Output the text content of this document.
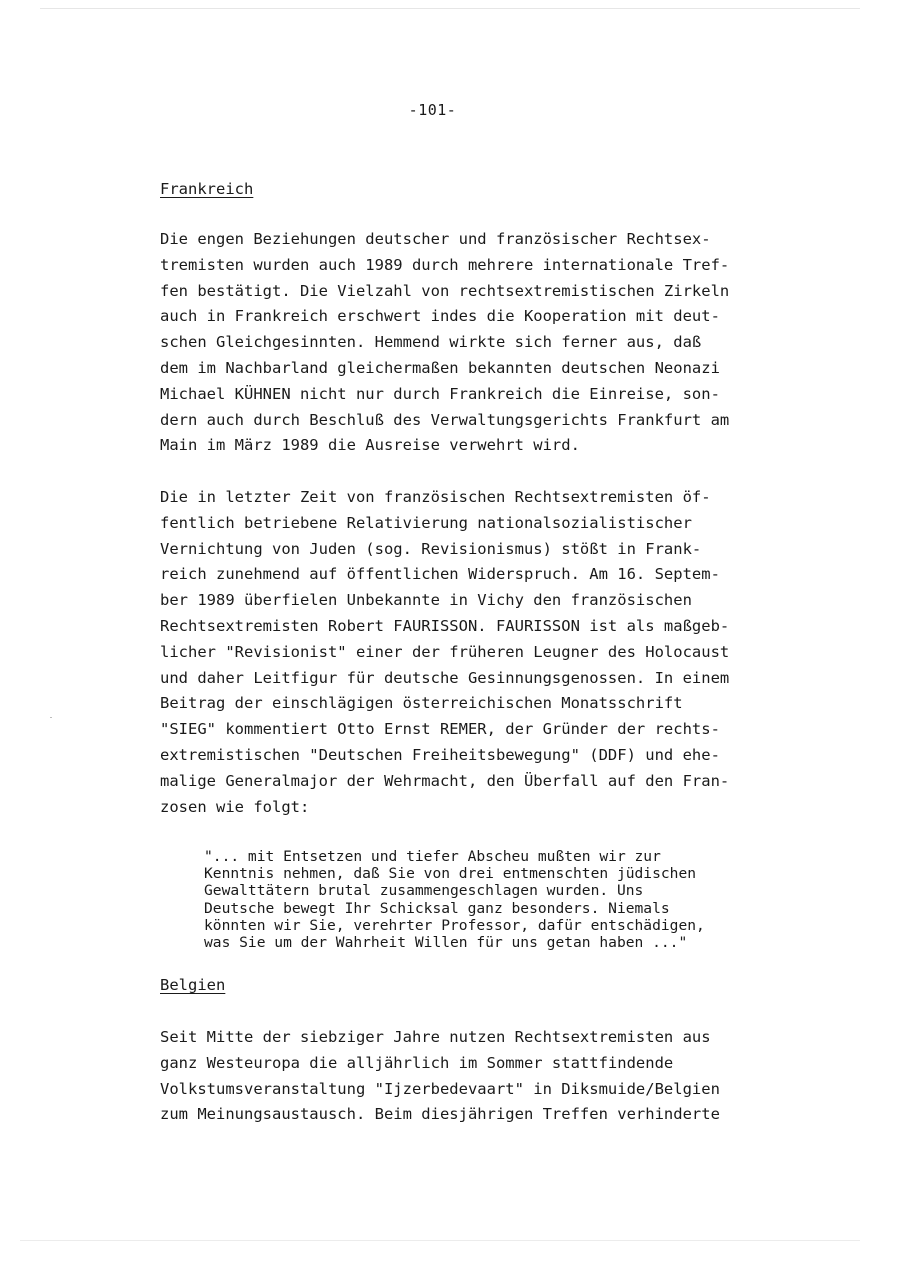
-101-
Frankreich
Die engen Beziehungen deutscher und französischer Rechtsex-
tremisten wurden auch 1989 durch mehrere internationale Tref-
fen bestätigt. Die Vielzahl von rechtsextremistischen Zirkeln
auch in Frankreich erschwert indes die Kooperation mit deut-
schen Gleichgesinnten. Hemmend wirkte sich ferner aus, daß
dem im Nachbarland gleichermaßen bekannten deutschen Neonazi
Michael KÜHNEN nicht nur durch Frankreich die Einreise, son-
dern auch durch Beschluß des Verwaltungsgerichts Frankfurt am
Main im März 1989 die Ausreise verwehrt wird.
Die in letzter Zeit von französischen Rechtsextremisten öf-
fentlich betriebene Relativierung nationalsozialistischer
Vernichtung von Juden (sog. Revisionismus) stößt in Frank-
reich zunehmend auf öffentlichen Widerspruch. Am 16. Septem-
ber 1989 überfielen Unbekannte in Vichy den französischen
Rechtsextremisten Robert FAURISSON. FAURISSON ist als maßgeb-
licher "Revisionist" einer der früheren Leugner des Holocaust
und daher Leitfigur für deutsche Gesinnungsgenossen. In einem
Beitrag der einschlägigen österreichischen Monatsschrift
"SIEG" kommentiert Otto Ernst REMER, der Gründer der rechts-
extremistischen "Deutschen Freiheitsbewegung" (DDF) und ehe-
malige Generalmajor der Wehrmacht, den Überfall auf den Fran-
zosen wie folgt:
"... mit Entsetzen und tiefer Abscheu mußten wir zur
Kenntnis nehmen, daß Sie von drei entmenschten jüdischen
Gewalttätern brutal zusammengeschlagen wurden. Uns
Deutsche bewegt Ihr Schicksal ganz besonders. Niemals
könnten wir Sie, verehrter Professor, dafür entschädigen,
was Sie um der Wahrheit Willen für uns getan haben ..."
Belgien
Seit Mitte der siebziger Jahre nutzen Rechtsextremisten aus
ganz Westeuropa die alljährlich im Sommer stattfindende
Volkstumsveranstaltung "Ijzerbedevaart" in Diksmuide/Belgien
zum Meinungsaustausch. Beim diesjährigen Treffen verhinderte
